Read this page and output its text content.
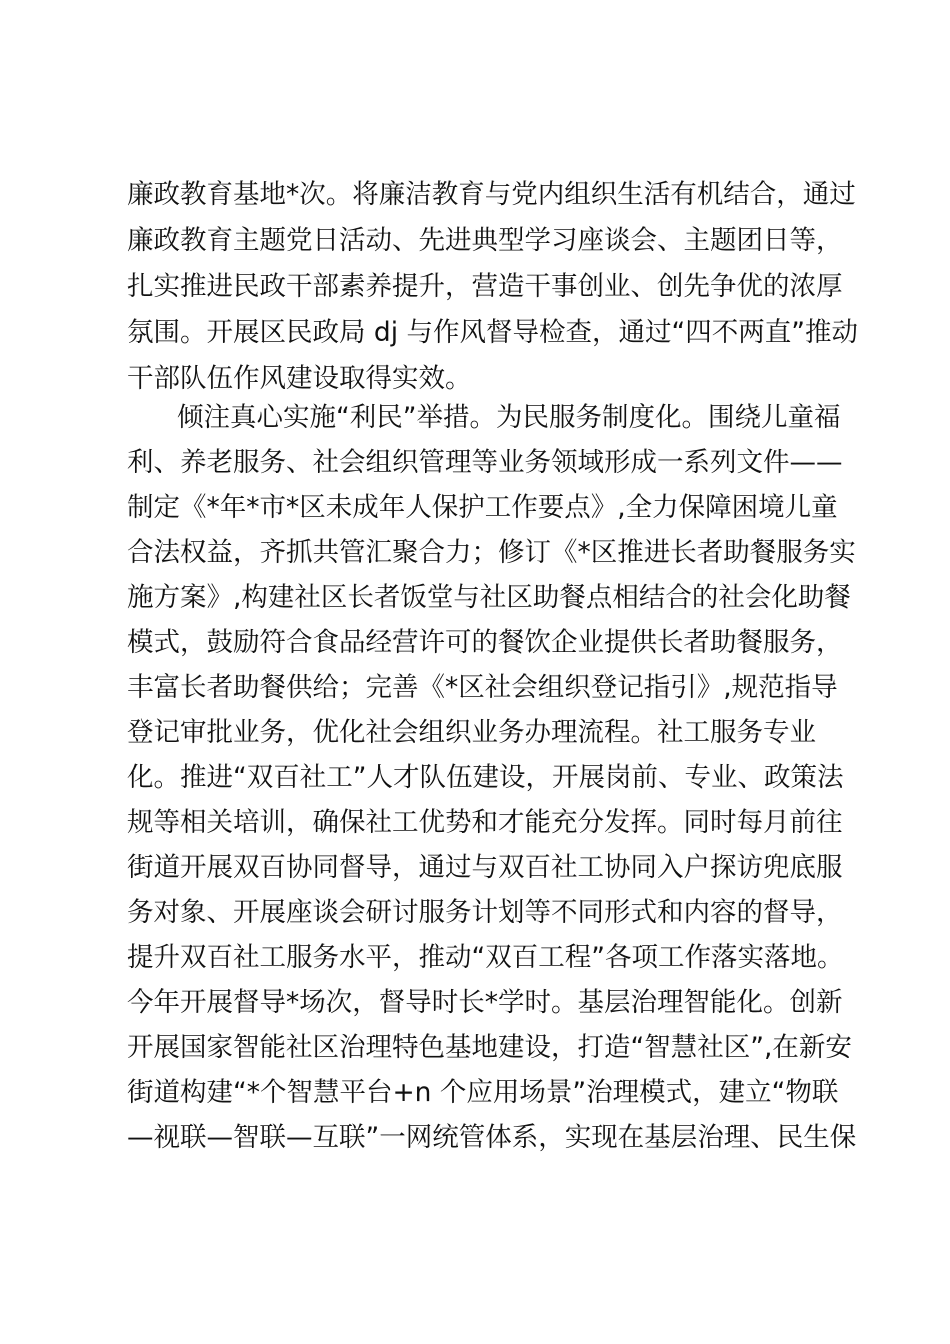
廉政教育基地*次。将廉洁教育与党内组织生活有机结合，通过
廉政教育主题党日活动、先进典型学习座谈会、主题团日等，
扎实推进民政干部素养提升，营造干事创业、创先争优的浓厚
氛围。开展区民政局 dj 与作风督导检查，通过“四不两直”推动
干部队伍作风建设取得实效。
倾注真心实施“利民”举措。为民服务制度化。围绕儿童福
利、养老服务、社会组织管理等业务领域形成一系列文件——
制定《*年*市*区未成年人保护工作要点》,全力保障困境儿童
合法权益，齐抓共管汇聚合力；修订《*区推进长者助餐服务实
施方案》,构建社区长者饭堂与社区助餐点相结合的社会化助餐
模式，鼓励符合食品经营许可的餐饮企业提供长者助餐服务，
丰富长者助餐供给；完善《*区社会组织登记指引》,规范指导
登记审批业务，优化社会组织业务办理流程。社工服务专业
化。推进“双百社工”人才队伍建设，开展岗前、专业、政策法
规等相关培训，确保社工优势和才能充分发挥。同时每月前往
街道开展双百协同督导，通过与双百社工协同入户探访兜底服
务对象、开展座谈会研讨服务计划等不同形式和内容的督导，
提升双百社工服务水平，推动“双百工程”各项工作落实落地。
今年开展督导*场次，督导时长*学时。基层治理智能化。创新
开展国家智能社区治理特色基地建设，打造“智慧社区”,在新安
街道构建“*个智慧平台+n 个应用场景”治理模式，建立“物联
—视联—智联—互联”一网统管体系，实现在基层治理、民生保
